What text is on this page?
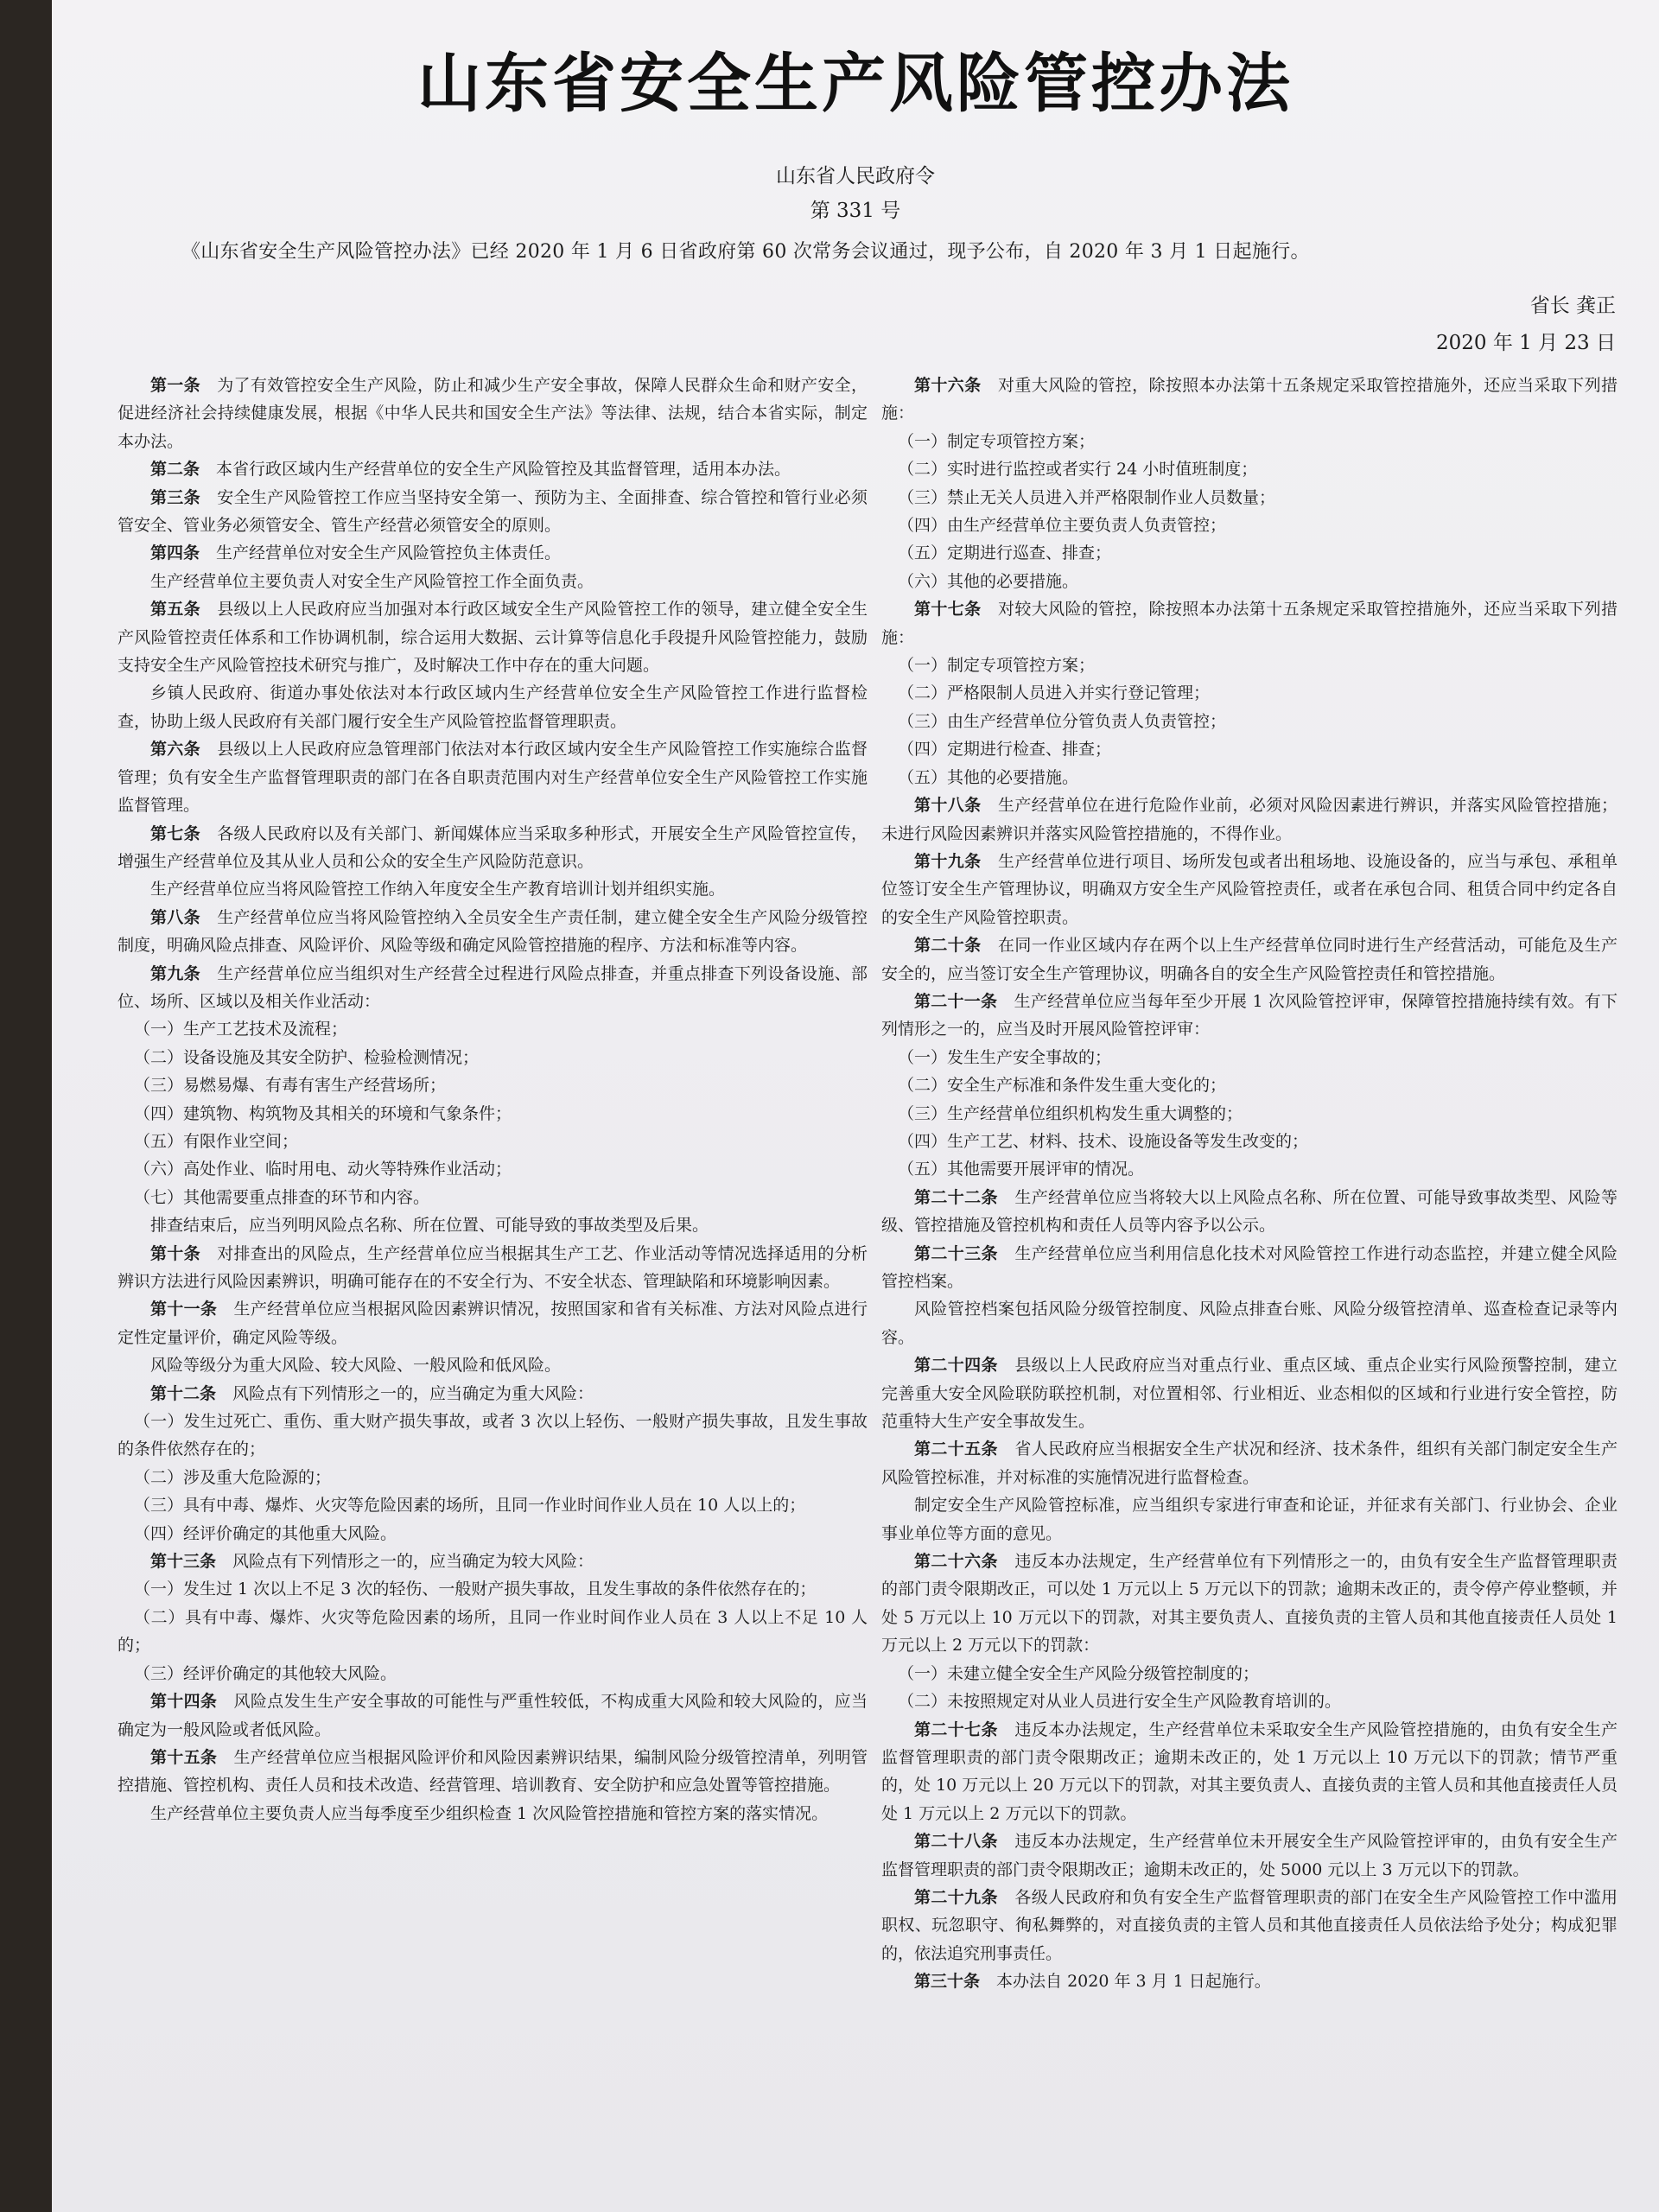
山东省安全生产风险管控办法
山东省人民政府令
第 331 号
《山东省安全生产风险管控办法》已经 2020 年 1 月 6 日省政府第 60 次常务会议通过，现予公布，自 2020 年 3 月 1 日起施行。
省长 龚正
2020 年 1 月 23 日

第一条　 为了有效管控安全生产风险，防止和减少生产安全事故，保障人民群众生命和财产安全，促进经济社会持续健康发展，根据《中华人民共和国安全生产法》等法律、法规，结合本省实际，制定本办法。

第二条　 本省行政区域内生产经营单位的安全生产风险管控及其监督管理，适用本办法。

第三条　 安全生产风险管控工作应当坚持安全第一、预防为主、全面排查、综合管控和管行业必须管安全、管业务必须管安全、管生产经营必须管安全的原则。

第四条　 生产经营单位对安全生产风险管控负主体责任。

生产经营单位主要负责人对安全生产风险管控工作全面负责。

第五条　 县级以上人民政府应当加强对本行政区域安全生产风险管控工作的领导，建立健全安全生产风险管控责任体系和工作协调机制，综合运用大数据、云计算等信息化手段提升风险管控能力，鼓励支持安全生产风险管控技术研究与推广，及时解决工作中存在的重大问题。

乡镇人民政府、街道办事处依法对本行政区域内生产经营单位安全生产风险管控工作进行监督检查，协助上级人民政府有关部门履行安全生产风险管控监督管理职责。

第六条　 县级以上人民政府应急管理部门依法对本行政区域内安全生产风险管控工作实施综合监督管理；负有安全生产监督管理职责的部门在各自职责范围内对生产经营单位安全生产风险管控工作实施监督管理。

第七条　 各级人民政府以及有关部门、新闻媒体应当采取多种形式，开展安全生产风险管控宣传，增强生产经营单位及其从业人员和公众的安全生产风险防范意识。

生产经营单位应当将风险管控工作纳入年度安全生产教育培训计划并组织实施。

第八条　 生产经营单位应当将风险管控纳入全员安全生产责任制，建立健全安全生产风险分级管控制度，明确风险点排查、风险评价、风险等级和确定风险管控措施的程序、方法和标准等内容。

第九条　 生产经营单位应当组织对生产经营全过程进行风险点排查，并重点排查下列设备设施、部位、场所、区域以及相关作业活动：

（一）生产工艺技术及流程；

（二）设备设施及其安全防护、检验检测情况；

（三）易燃易爆、有毒有害生产经营场所；

（四）建筑物、构筑物及其相关的环境和气象条件；

（五）有限作业空间；

（六）高处作业、临时用电、动火等特殊作业活动；

（七）其他需要重点排查的环节和内容。

排查结束后，应当列明风险点名称、所在位置、可能导致的事故类型及后果。

第十条　 对排查出的风险点，生产经营单位应当根据其生产工艺、作业活动等情况选择适用的分析辨识方法进行风险因素辨识，明确可能存在的不安全行为、不安全状态、管理缺陷和环境影响因素。

第十一条　 生产经营单位应当根据风险因素辨识情况，按照国家和省有关标准、方法对风险点进行定性定量评价，确定风险等级。

风险等级分为重大风险、较大风险、一般风险和低风险。

第十二条　 风险点有下列情形之一的，应当确定为重大风险：

（一）发生过死亡、重伤、重大财产损失事故，或者 3 次以上轻伤、一般财产损失事故，且发生事故的条件依然存在的；

（二）涉及重大危险源的；

（三）具有中毒、爆炸、火灾等危险因素的场所，且同一作业时间作业人员在 10 人以上的；

（四）经评价确定的其他重大风险。

第十三条　 风险点有下列情形之一的，应当确定为较大风险：

（一）发生过 1 次以上不足 3 次的轻伤、一般财产损失事故，且发生事故的条件依然存在的；

（二）具有中毒、爆炸、火灾等危险因素的场所，且同一作业时间作业人员在 3 人以上不足 10 人的；

（三）经评价确定的其他较大风险。

第十四条　 风险点发生生产安全事故的可能性与严重性较低，不构成重大风险和较大风险的，应当确定为一般风险或者低风险。

第十五条　 生产经营单位应当根据风险评价和风险因素辨识结果，编制风险分级管控清单，列明管控措施、管控机构、责任人员和技术改造、经营管理、培训教育、安全防护和应急处置等管控措施。

生产经营单位主要负责人应当每季度至少组织检查 1 次风险管控措施和管控方案的落实情况。

第十六条　 对重大风险的管控，除按照本办法第十五条规定采取管控措施外，还应当采取下列措施：

（一）制定专项管控方案；

（二）实时进行监控或者实行 24 小时值班制度；

（三）禁止无关人员进入并严格限制作业人员数量；

（四）由生产经营单位主要负责人负责管控；

（五）定期进行巡查、排查；

（六）其他的必要措施。

第十七条　 对较大风险的管控，除按照本办法第十五条规定采取管控措施外，还应当采取下列措施：

（一）制定专项管控方案；

（二）严格限制人员进入并实行登记管理；

（三）由生产经营单位分管负责人负责管控；

（四）定期进行检查、排查；

（五）其他的必要措施。

第十八条　 生产经营单位在进行危险作业前，必须对风险因素进行辨识，并落实风险管控措施；未进行风险因素辨识并落实风险管控措施的，不得作业。

第十九条　 生产经营单位进行项目、场所发包或者出租场地、设施设备的，应当与承包、承租单位签订安全生产管理协议，明确双方安全生产风险管控责任，或者在承包合同、租赁合同中约定各自的安全生产风险管控职责。

第二十条　 在同一作业区域内存在两个以上生产经营单位同时进行生产经营活动，可能危及生产安全的，应当签订安全生产管理协议，明确各自的安全生产风险管控责任和管控措施。

第二十一条　 生产经营单位应当每年至少开展 1 次风险管控评审，保障管控措施持续有效。有下列情形之一的，应当及时开展风险管控评审：

（一）发生生产安全事故的；

（二）安全生产标准和条件发生重大变化的；

（三）生产经营单位组织机构发生重大调整的；

（四）生产工艺、材料、技术、设施设备等发生改变的；

（五）其他需要开展评审的情况。

第二十二条　 生产经营单位应当将较大以上风险点名称、所在位置、可能导致事故类型、风险等级、管控措施及管控机构和责任人员等内容予以公示。

第二十三条　 生产经营单位应当利用信息化技术对风险管控工作进行动态监控，并建立健全风险管控档案。

风险管控档案包括风险分级管控制度、风险点排查台账、风险分级管控清单、巡查检查记录等内容。

第二十四条　 县级以上人民政府应当对重点行业、重点区域、重点企业实行风险预警控制，建立完善重大安全风险联防联控机制，对位置相邻、行业相近、业态相似的区域和行业进行安全管控，防范重特大生产安全事故发生。

第二十五条　 省人民政府应当根据安全生产状况和经济、技术条件，组织有关部门制定安全生产风险管控标准，并对标准的实施情况进行监督检查。

制定安全生产风险管控标准，应当组织专家进行审查和论证，并征求有关部门、行业协会、企业事业单位等方面的意见。

第二十六条　 违反本办法规定，生产经营单位有下列情形之一的，由负有安全生产监督管理职责的部门责令限期改正，可以处 1 万元以上 5 万元以下的罚款；逾期未改正的，责令停产停业整顿，并处 5 万元以上 10 万元以下的罚款，对其主要负责人、直接负责的主管人员和其他直接责任人员处 1 万元以上 2 万元以下的罚款：

（一）未建立健全安全生产风险分级管控制度的；

（二）未按照规定对从业人员进行安全生产风险教育培训的。

第二十七条　 违反本办法规定，生产经营单位未采取安全生产风险管控措施的，由负有安全生产监督管理职责的部门责令限期改正；逾期未改正的，处 1 万元以上 10 万元以下的罚款；情节严重的，处 10 万元以上 20 万元以下的罚款，对其主要负责人、直接负责的主管人员和其他直接责任人员处 1 万元以上 2 万元以下的罚款。

第二十八条　 违反本办法规定，生产经营单位未开展安全生产风险管控评审的，由负有安全生产监督管理职责的部门责令限期改正；逾期未改正的，处 5000 元以上 3 万元以下的罚款。

第二十九条　 各级人民政府和负有安全生产监督管理职责的部门在安全生产风险管控工作中滥用职权、玩忽职守、徇私舞弊的，对直接负责的主管人员和其他直接责任人员依法给予处分；构成犯罪的，依法追究刑事责任。

第三十条　 本办法自 2020 年 3 月 1 日起施行。
